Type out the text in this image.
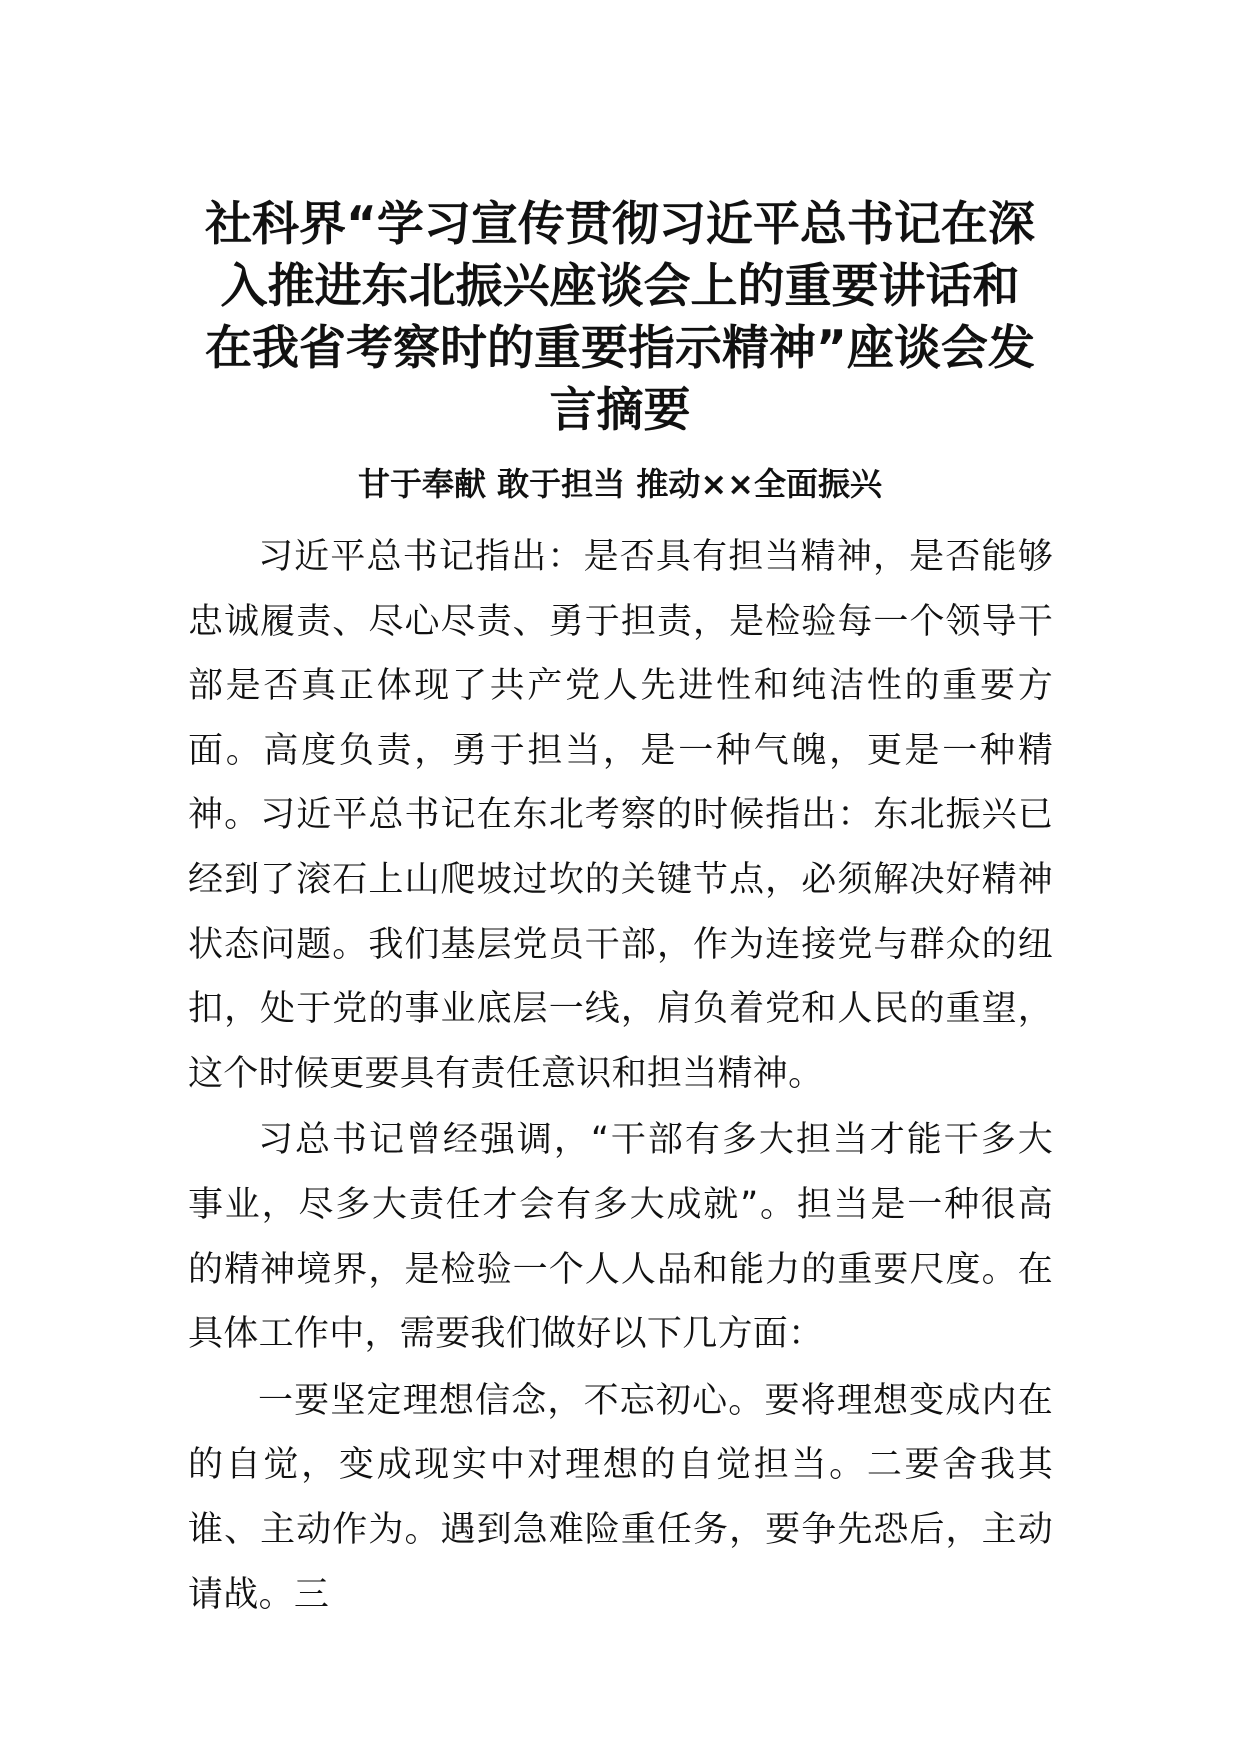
社科界“学习宣传贯彻习近平总书记在深入推进东北振兴座谈会上的重要讲话和在我省考察时的重要指示精神”座谈会发言摘要
甘于奉献 敢于担当 推动××全面振兴

习近平总书记指出：是否具有担当精神，是否能够忠诚履责、尽心尽责、勇于担责，是检验每一个领导干部是否真正体现了共产党人先进性和纯洁性的重要方面。高度负责，勇于担当，是一种气魄，更是一种精神。习近平总书记在东北考察的时候指出：东北振兴已经到了滚石上山爬坡过坎的关键节点，必须解决好精神状态问题。我们基层党员干部，作为连接党与群众的纽扣，处于党的事业底层一线，肩负着党和人民的重望，这个时候更要具有责任意识和担当精神。

习总书记曾经强调，“干部有多大担当才能干多大事业，尽多大责任才会有多大成就”。担当是一种很高的精神境界，是检验一个人人品和能力的重要尺度。在具体工作中，需要我们做好以下几方面：

一要坚定理想信念，不忘初心。要将理想变成内在的自觉，变成现实中对理想的自觉担当。二要舍我其谁、主动作为。遇到急难险重任务，要争先恐后，主动请战。三
